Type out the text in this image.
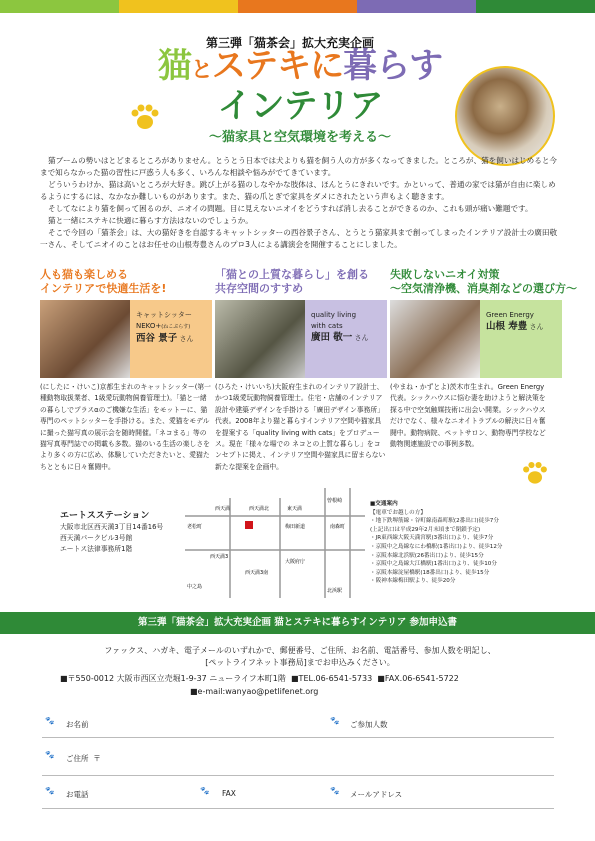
第三弾「猫茶会」拡大充実企画
猫とステキに暮らす
インテリア
〜猫家具と空気環境を考える〜

猫ブームの勢いはとどまるところがありません。とうとう日本では犬よりも猫を飼う人の方が多くなってきました。ところが、猫を飼いはじめると今まで知らなかった猫の習性に戸惑う人も多く、いろんな相談や悩みがでてきています。

どういうわけか、猫は高いところが大好き。跳び上がる猫のしなやかな肢体は、ほんとうにきれいです。かといって、普通の家では猫が自由に楽しめるようにするには、なかなか難しいものがあります。また、猫の爪とぎで家具をダメにされたという声もよく聴きます。

そしてなにより猫を飼って困るのが、ニオイの問題。目に見えないニオイをどうすれば消し去ることができるのか、これも頭が痛い難題です。

猫と一緒にステキに快適に暮らす方法はないのでしょうか。

そこで今回の「猫茶会」は、大の猫好きを自認するキャットシッターの西谷景子さん、とうとう猫家具まで創ってしまったインテリア設計士の廣田敬一さん、そしてニオイのことはお任せの山根寿豊さんのプロ3人による講演会を開催することにしました。

人も猫も楽しめる
インテリアで快適生活を!
「猫との上質な暮らし」を創る
共存空間のすすめ
失敗しないニオイ対策
〜空気清浄機、消臭剤などの選び方〜
キャットシッター
NEKO+(ねこぷらす)
西谷 景子 さん
quality living
with cats
廣田 敬一 さん
Green Energy
山根 寿豊 さん
(にしたに・けいこ)京都生まれのキャットシッター(第一種動物取扱業者、1級愛玩動物飼養管理士)。「猫と一緒の暮らしでプラスαのご機嫌な生活」をモットーに、猫専門のペットシッターを手掛ける。また、愛猫をモデルに撮った猫写真の展示会を随時開催。「ネコまる」等の猫写真専門誌での掲載も多数。猫のいる生活の楽しさをより多くの方に広め、体験していただきたいと、愛猫たちとともに日々奮闘中。
(ひろた・けいいち)大阪府生まれのインテリア設計士、かつ1級愛玩動物飼養管理士。住宅・店舗のインテリア設計や建築デザインを手掛ける「廣田デザイン事務所」代表。2008年より猫と暮らすインテリア空間や猫家具を提案する「quality living with cats」をプロデュース。現在「様々な場での ネコとの上質な暮らし」をコンセプトに掲え、インテリア空間や猫家具に留まらない新たな提案を企画中。
(やまね・かずとよ)茨木市生まれ。Green Energy代表。シックハウスに悩む妻を助けようと解決策を探る中で空気触媒技術に出会い開業。シックハウスだけでなく、様々なニオイトラブルの解決に日々奮闘中。動物病院、ペットサロン、動物専門学校など動物関連施設での事例多数。
エートスステーション
大阪市北区西天満3丁目14番16号
西天満パークビル3号館
エートス法律事務所1階
西天満	西天満北	東天満
老松町	梅田新道
曾根崎
西天満3
西天満3南
南森町
大阪府庁
北浜駅
中之島
■交通案内
【電車でお越しの方】
・地下鉄堺筋線・谷町線南森町駅(2番出口)徒歩7分
(上記出口は平成29年2月末頃まで閉鎖予定)
・JR東西線大阪天満宮駅(3番出口)より、徒歩7分
・京阪中之島線なにわ橋駅(1番出口)より、徒歩12分
・京阪本線北浜駅(26番出口)より、徒歩15分
・京阪中之島線大江橋駅(1番出口)より、徒歩10分
・京阪本線淀屋橋駅(18番出口)より、徒歩15分
・阪神本線梅田駅より、徒歩20分
第三弾「猫茶会」拡大充実企画 猫とステキに暮らすインテリア 参加申込書
ファックス、ハガキ、電子メールのいずれかで、郵便番号、ご住所、お名前、電話番号、参加人数を明記し、
[ペットライフネット事務局]までお申込みください。
■〒550-0012 大阪市西区立売堀1-9-37 ニューライフ本町1階 ■TEL.06-6541-5733 ■FAX.06-6541-5722
■e-mail:wanyao@petlifenet.org
🐾 お名前	🐾 ご参加人数
🐾 ご住所 〒
🐾 お電話	🐾 FAX	🐾 メールアドレス
